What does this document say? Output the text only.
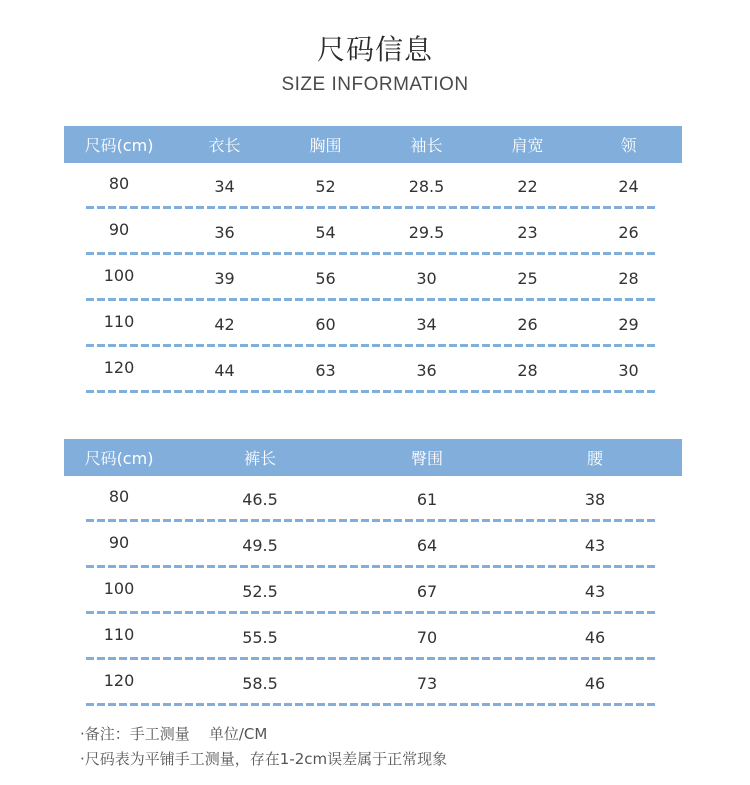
尺码信息
SIZE INFORMATION
尺码(cm)	衣长	胸围	袖长	肩宽	领
80	34	52	28.5	22	24
90	36	54	29.5	23	26
100	39	56	30	25	28
110	42	60	34	26	29
120	44	63	36	28	30
尺码(cm)	裤长	臀围	腰
80	46.5	61	38
90	49.5	64	43
100	52.5	67	43
110	55.5	70	46
120	58.5	73	46
·备注：手工测量    单位/CM
·尺码表为平铺手工测量，存在1-2cm误差属于正常现象
